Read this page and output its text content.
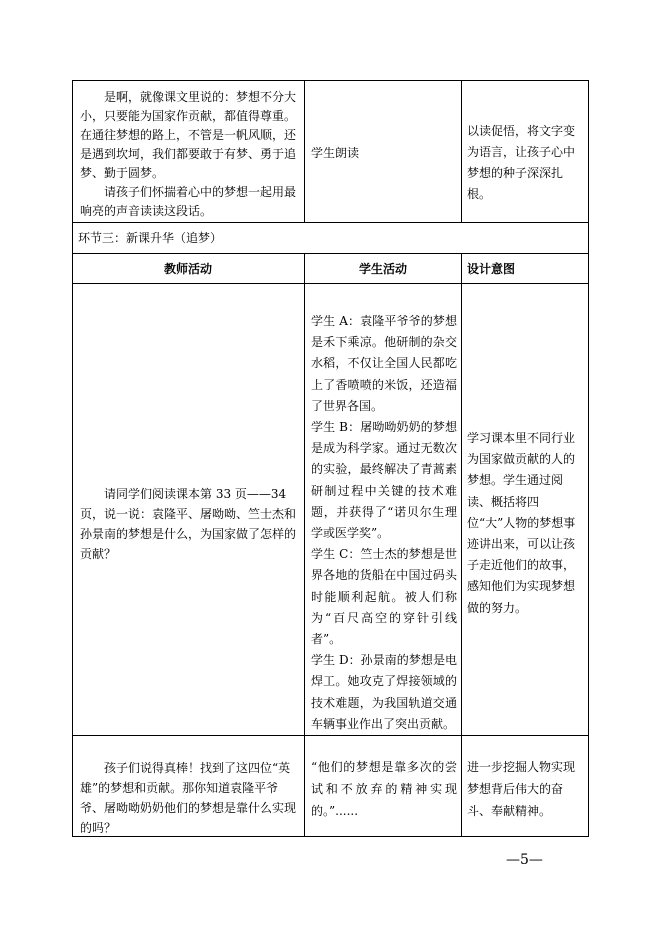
是啊，就像课文里说的：梦想不分大小，只要能为国家作贡献，都值得尊重。在通往梦想的路上，不管是一帆风顺，还是遇到坎坷，我们都要敢于有梦、勇于追梦、勤于圆梦。

请孩子们怀揣着心中的梦想一起用最响亮的声音读读这段话。

学生朗读
以读促悟，将文字变为语言，让孩子心中梦想的种子深深扎根。
环节三：新课升华（追梦）
教师活动	学生活动	设计意图

请同学们阅读课本第 33 页——34 页，说一说：袁隆平、屠呦呦、竺士杰和孙景南的梦想是什么，为国家做了怎样的贡献？

学生 A：袁隆平爷爷的梦想是禾下乘凉。他研制的杂交水稻，不仅让全国人民都吃上了香喷喷的米饭，还造福了世界各国。

学生 B：屠呦呦奶奶的梦想是成为科学家。通过无数次的实验，最终解决了青蒿素研制过程中关键的技术难题，并获得了“诺贝尔生理学或医学奖”。

学生 C：竺士杰的梦想是世界各地的货船在中国过码头时能顺利起航。被人们称为“百尺高空的穿针引线者”。

学生 D：孙景南的梦想是电焊工。她攻克了焊接领域的技术难题，为我国轨道交通车辆事业作出了突出贡献。

学习课本里不同行业为国家做贡献的人的梦想。学生通过阅读、概括将四位“大”人物的梦想事迹讲出来，可以让孩子走近他们的故事，感知他们为实现梦想做的努力。

孩子们说得真棒！找到了这四位“英雄”的梦想和贡献。那你知道袁隆平爷爷、屠呦呦奶奶他们的梦想是靠什么实现的吗？

“他们的梦想是靠多次的尝试和不放弃的精神实现的。”......
进一步挖掘人物实现梦想背后伟大的奋斗、奉献精神。
—5—
